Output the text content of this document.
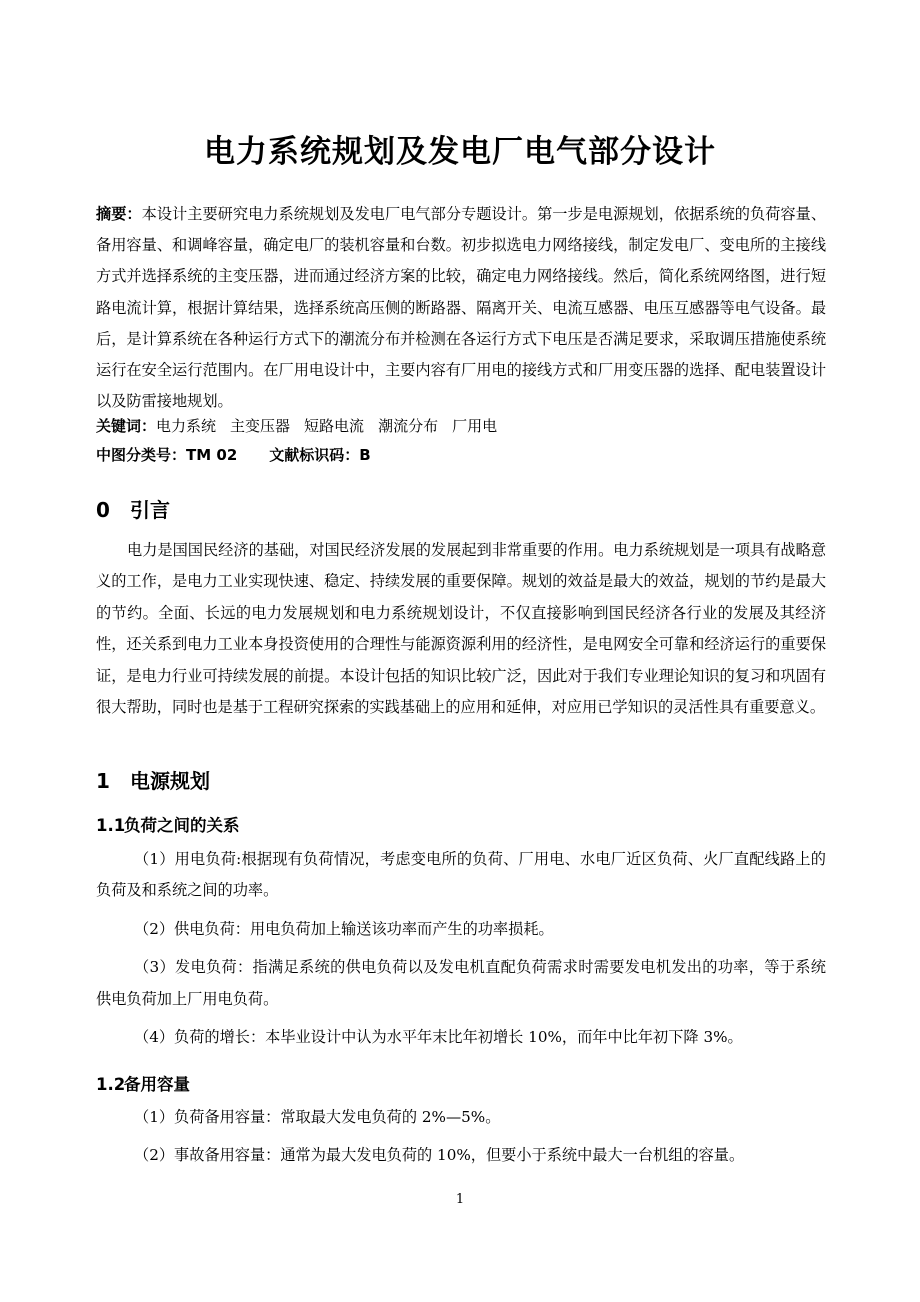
电力系统规划及发电厂电气部分设计

摘要：本设计主要研究电力系统规划及发电厂电气部分专题设计。第一步是电源规划，依据系统的负荷容量、备用容量、和调峰容量，确定电厂的装机容量和台数。初步拟选电力网络接线，制定发电厂、变电所的主接线方式并选择系统的主变压器，进而通过经济方案的比较，确定电力网络接线。然后，简化系统网络图，进行短路电流计算，根据计算结果，选择系统高压侧的断路器、隔离开关、电流互感器、电压互感器等电气设备。最后，是计算系统在各种运行方式下的潮流分布并检测在各运行方式下电压是否满足要求，采取调压措施使系统运行在安全运行范围内。在厂用电设计中，主要内容有厂用电的接线方式和厂用变压器的选择、配电装置设计以及防雷接地规划。

关键词：电力系统 主变压器 短路电流 潮流分布 厂用电

中图分类号：TM 02 文献标识码：B

0 引言

电力是国国民经济的基础，对国民经济发展的发展起到非常重要的作用。电力系统规划是一项具有战略意义的工作，是电力工业实现快速、稳定、持续发展的重要保障。规划的效益是最大的效益，规划的节约是最大的节约。全面、长远的电力发展规划和电力系统规划设计，不仅直接影响到国民经济各行业的发展及其经济性，还关系到电力工业本身投资使用的合理性与能源资源利用的经济性，是电网安全可靠和经济运行的重要保证，是电力行业可持续发展的前提。本设计包括的知识比较广泛，因此对于我们专业理论知识的复习和巩固有很大帮助，同时也是基于工程研究探索的实践基础上的应用和延伸，对应用已学知识的灵活性具有重要意义。

1 电源规划
1.1负荷之间的关系

（1）用电负荷:根据现有负荷情况，考虑变电所的负荷、厂用电、水电厂近区负荷、火厂直配线路上的负荷及和系统之间的功率。

（2）供电负荷：用电负荷加上输送该功率而产生的功率损耗。

（3）发电负荷：指满足系统的供电负荷以及发电机直配负荷需求时需要发电机发出的功率，等于系统供电负荷加上厂用电负荷。

（4）负荷的增长：本毕业设计中认为水平年末比年初增长 10%，而年中比年初下降 3%。

1.2备用容量

（1）负荷备用容量：常取最大发电负荷的 2%—5%。

（2）事故备用容量：通常为最大发电负荷的 10%，但要小于系统中最大一台机组的容量。

1
